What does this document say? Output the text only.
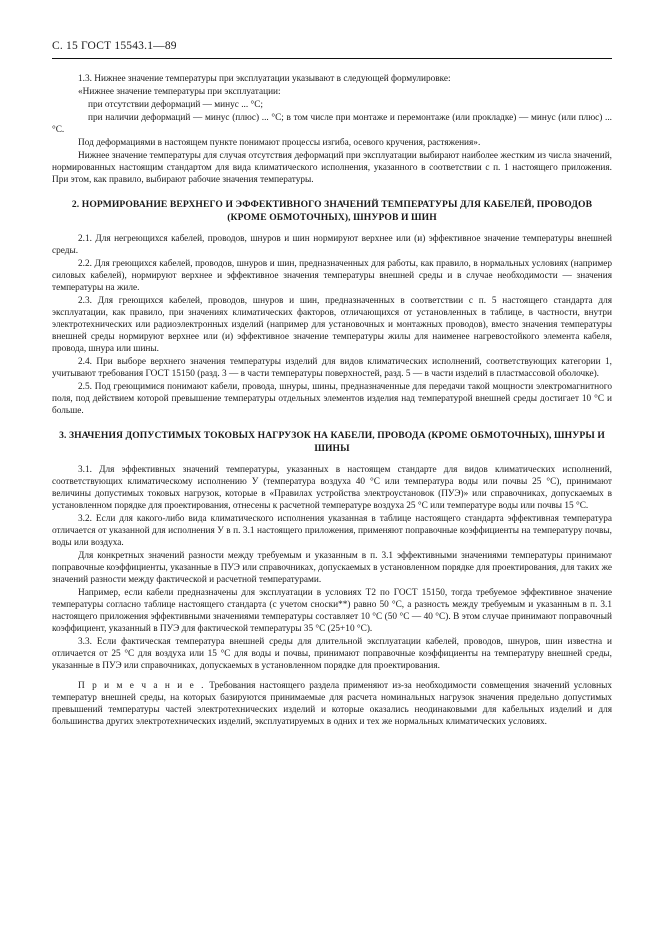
С. 15 ГОСТ 15543.1—89

1.3. Нижнее значение температуры при эксплуатации указывают в следующей формулировке:

«Нижнее значение температуры при эксплуатации:

при отсутствии деформаций — минус ... °С;

при наличии деформаций — минус (плюс) ... °С; в том числе при монтаже и перемонтаже (или прокладке) — минус (или плюс) ... °С.

Под деформациями в настоящем пункте понимают процессы изгиба, осевого кручения, растяжения».

Нижнее значение температуры для случая отсутствия деформаций при эксплуатации выбирают наиболее жестким из числа значений, нормированных настоящим стандартом для вида климатического исполнения, указанного в соответствии с п. 1 настоящего приложения. При этом, как правило, выбирают рабочие значения температуры.

2. НОРМИРОВАНИЕ ВЕРХНЕГО И ЭФФЕКТИВНОГО ЗНАЧЕНИЙ ТЕМПЕРАТУРЫ ДЛЯ КАБЕЛЕЙ, ПРОВОДОВ (КРОМЕ ОБМОТОЧНЫХ), ШНУРОВ И ШИН

2.1. Для негреющихся кабелей, проводов, шнуров и шин нормируют верхнее или (и) эффективное значение температуры внешней среды.

2.2. Для греющихся кабелей, проводов, шнуров и шин, предназначенных для работы, как правило, в нормальных условиях (например силовых кабелей), нормируют верхнее и эффективное значения температуры внешней среды и в случае необходимости — значения температуры на жиле.

2.3. Для греющихся кабелей, проводов, шнуров и шин, предназначенных в соответствии с п. 5 настоящего стандарта для эксплуатации, как правило, при значениях климатических факторов, отличающихся от установленных в таблице, в частности, внутри электротехнических или радиоэлектронных изделий (например для установочных и монтажных проводов), вместо значения температуры внешней среды нормируют верхнее или (и) эффективное значение температуры жилы для наименее нагревостойкого элемента кабеля, провода, шнура или шины.

2.4. При выборе верхнего значения температуры изделий для видов климатических исполнений, соответствующих категории 1, учитывают требования ГОСТ 15150 (разд. 3 — в части температуры поверхностей, разд. 5 — в части изделий в пластмассовой оболочке).

2.5. Под греющимися понимают кабели, провода, шнуры, шины, предназначенные для передачи такой мощности электромагнитного поля, под действием которой превышение температуры отдельных элементов изделия над температурой внешней среды достигает 10 °С и больше.

3. ЗНАЧЕНИЯ ДОПУСТИМЫХ ТОКОВЫХ НАГРУЗОК НА КАБЕЛИ, ПРОВОДА (КРОМЕ ОБМОТОЧНЫХ), ШНУРЫ И ШИНЫ

3.1. Для эффективных значений температуры, указанных в настоящем стандарте для видов климатических исполнений, соответствующих климатическому исполнению У (температура воздуха 40 °С или температура воды или почвы 25 °С), принимают величины допустимых токовых нагрузок, которые в «Правилах устройства электроустановок (ПУЭ)» или справочниках, допускаемых в установленном порядке для проектирования, отнесены к расчетной температуре воздуха 25 °С или температуре воды или почвы 15 °С.

3.2. Если для какого-либо вида климатического исполнения указанная в таблице настоящего стандарта эффективная температура отличается от указанной для исполнения У в п. 3.1 настоящего приложения, применяют поправочные коэффициенты на температуру почвы, воды или воздуха.

Для конкретных значений разности между требуемым и указанным в п. 3.1 эффективными значениями температуры принимают поправочные коэффициенты, указанные в ПУЭ или справочниках, допускаемых в установленном порядке для проектирования, для таких же значений разности между фактической и расчетной температурами.

Например, если кабели предназначены для эксплуатации в условиях Т2 по ГОСТ 15150, тогда требуемое эффективное значение температуры согласно таблице настоящего стандарта (с учетом сноски**) равно 50 °С, а разность между требуемым и указанным в п. 3.1 настоящего приложения эффективными значениями температуры составляет 10 °С (50 °С — 40 °С). В этом случае принимают поправочный коэффициент, указанный в ПУЭ для фактической температуры 35 °С (25+10 °С).

3.3. Если фактическая температура внешней среды для длительной эксплуатации кабелей, проводов, шнуров, шин известна и отличается от 25 °С для воздуха или 15 °С для воды и почвы, принимают поправочные коэффициенты на температуру внешней среды, указанные в ПУЭ или справочниках, допускаемых в установленном порядке для проектирования.

П р и м е ч а н и е . Требования настоящего раздела применяют из-за необходимости совмещения значений условных температур внешней среды, на которых базируются принимаемые для расчета номинальных нагрузок значения предельно допустимых превышений температуры частей электротехнических изделий и которые оказались неодинаковыми для кабельных изделий и для большинства других электротехнических изделий, эксплуатируемых в одних и тех же нормальных климатических условиях.
